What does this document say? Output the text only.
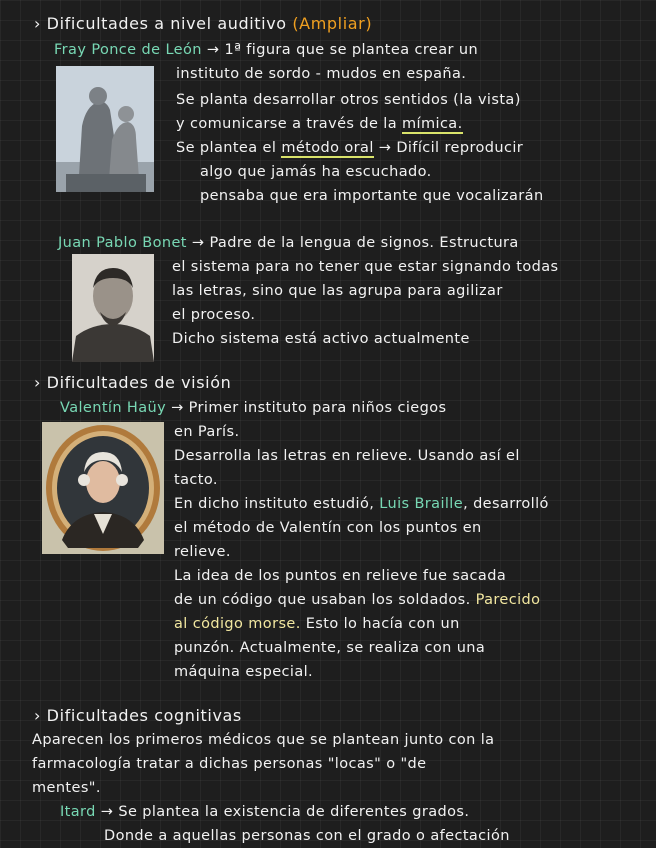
› Dificultades a nivel auditivo (Ampliar)
Fray Ponce de León → 1ª figura que se plantea crear un
instituto de sordo - mudos en españa.
Se planta desarrollar otros sentidos (la vista)
y comunicarse a través de la mímica.
Se plantea el método oral → Difícil reproducir
algo que jamás ha escuchado.
pensaba que era importante que vocalizarán
Juan Pablo Bonet → Padre de la lengua de signos. Estructura
el sistema para no tener que estar signando todas
las letras, sino que las agrupa para agilizar
el proceso.
Dicho sistema está activo actualmente
› Dificultades de visión
Valentín Haüy → Primer instituto para niños ciegos
en París.
Desarrolla las letras en relieve. Usando así el
tacto.
En dicho instituto estudió, Luis Braille, desarrolló
el método de Valentín con los puntos en
relieve.
La idea de los puntos en relieve fue sacada
de un código que usaban los soldados. Parecido
al código morse. Esto lo hacía con un
punzón. Actualmente, se realiza con una
máquina especial.
› Dificultades cognitivas
Aparecen los primeros médicos que se plantean junto con la
farmacología tratar a dichas personas "locas" o "de
mentes".
Itard → Se plantea la existencia de diferentes grados.
Donde a aquellas personas con el grado o afectación
